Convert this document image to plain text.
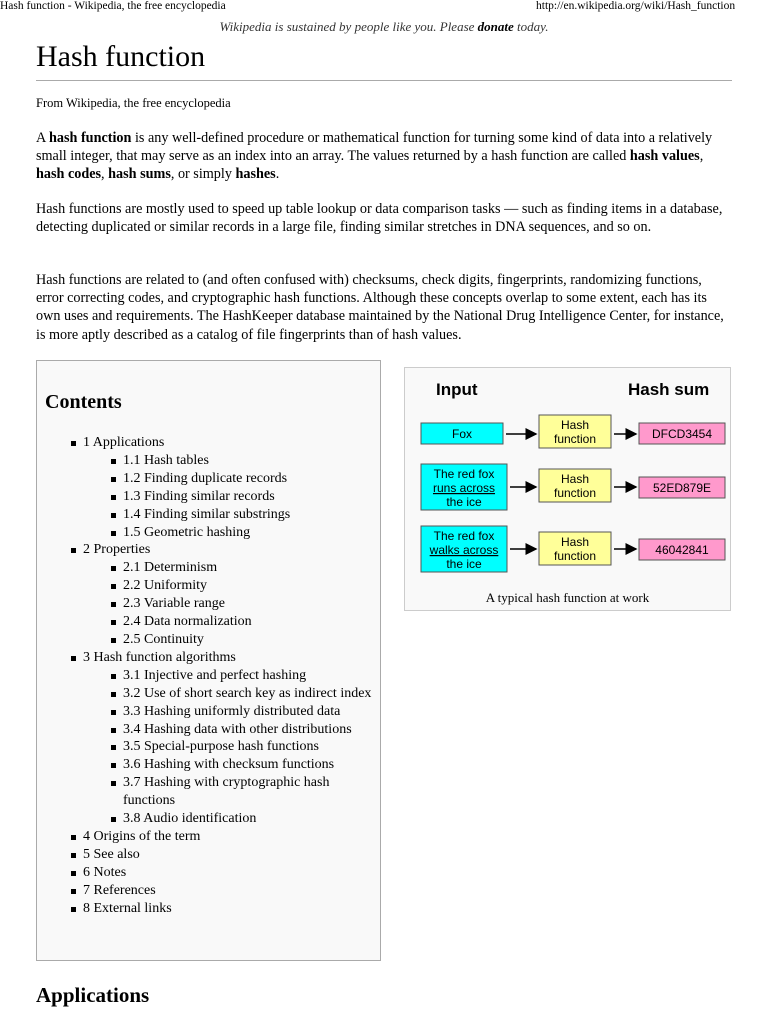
Hash function - Wikipedia, the free encyclopedia	http://en.wikipedia.org/wiki/Hash_function
Wikipedia is sustained by people like you. Please donate today.
Hash function
From Wikipedia, the free encyclopedia

A hash function is any well-defined procedure or mathematical function for turning some kind of data into a relatively small integer, that may serve as an index into an array. The values returned by a hash function are called hash values, hash codes, hash sums, or simply hashes.

Hash functions are mostly used to speed up table lookup or data comparison tasks — such as finding items in a database, detecting duplicated or similar records in a large file, finding similar stretches in DNA sequences, and so on.

Hash functions are related to (and often confused with) checksums, check digits, fingerprints, randomizing functions, error correcting codes, and cryptographic hash functions. Although these concepts overlap to some extent, each has its own uses and requirements. The HashKeeper database maintained by the National Drug Intelligence Center, for instance, is more aptly described as a catalog of file fingerprints than of hash values.

Contents
1 Applications
1.1 Hash tables
1.2 Finding duplicate records
1.3 Finding similar records
1.4 Finding similar substrings
1.5 Geometric hashing
2 Properties
2.1 Determinism
2.2 Uniformity
2.3 Variable range
2.4 Data normalization
2.5 Continuity
3 Hash function algorithms
3.1 Injective and perfect hashing
3.2 Use of short search key as indirect index
3.3 Hashing uniformly distributed data
3.4 Hashing data with other distributions
3.5 Special-purpose hash functions
3.6 Hashing with checksum functions
3.7 Hashing with cryptographic hash functions
3.8 Audio identification
4 Origins of the term
5 See also
6 Notes
7 References
8 External links
Input	Hash sum
Fox
Hash
function	DFCD3454
The red fox
runs across
the ice
Hash
function	52ED879E
The red fox
walks across
the ice
Hash
function	46042841
A typical hash function at work
Applications
